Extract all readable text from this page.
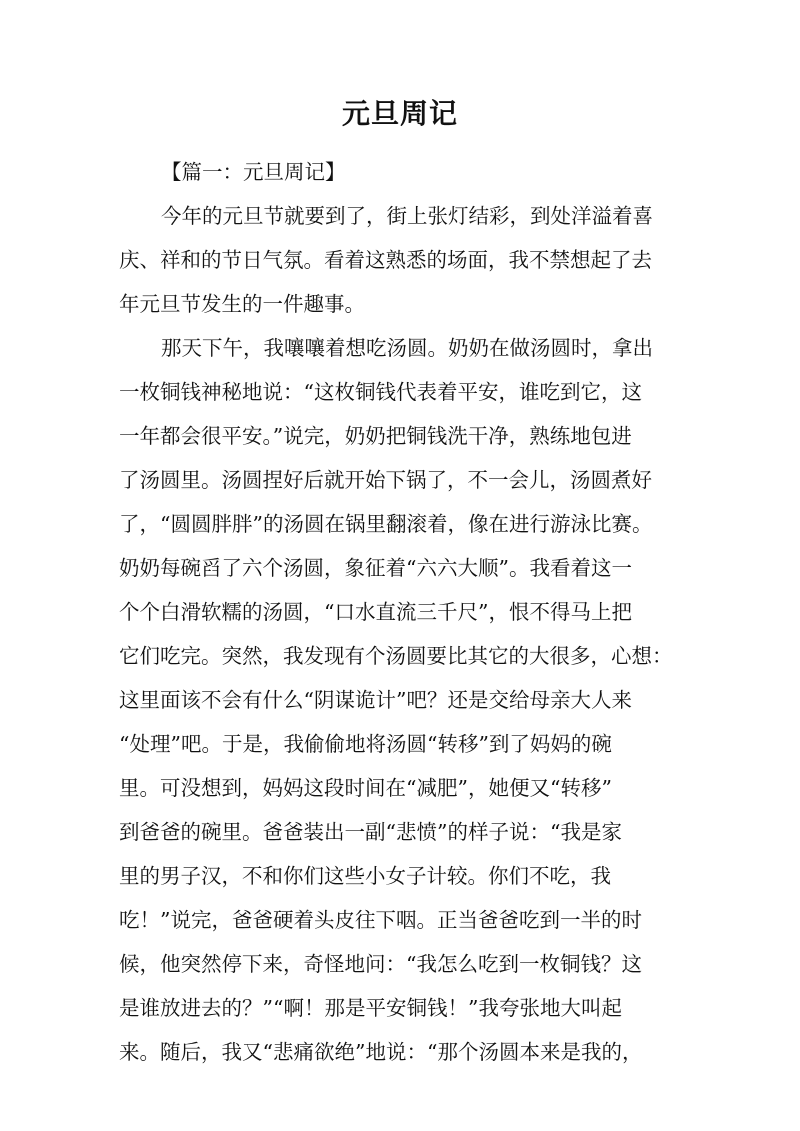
元旦周记
【篇一：元旦周记】
今年的元旦节就要到了，街上张灯结彩，到处洋溢着喜
庆、祥和的节日气氛。看着这熟悉的场面，我不禁想起了去
年元旦节发生的一件趣事。
那天下午，我嚷嚷着想吃汤圆。奶奶在做汤圆时，拿出
一枚铜钱神秘地说：“这枚铜钱代表着平安，谁吃到它，这
一年都会很平安。”说完，奶奶把铜钱洗干净，熟练地包进
了汤圆里。汤圆捏好后就开始下锅了，不一会儿，汤圆煮好
了，“圆圆胖胖”的汤圆在锅里翻滚着，像在进行游泳比赛。
奶奶每碗舀了六个汤圆，象征着“六六大顺”。我看着这一
个个白滑软糯的汤圆，“口水直流三千尺”，恨不得马上把
它们吃完。突然，我发现有个汤圆要比其它的大很多，心想：
这里面该不会有什么“阴谋诡计”吧？还是交给母亲大人来
“处理”吧。于是，我偷偷地将汤圆“转移”到了妈妈的碗
里。可没想到，妈妈这段时间在“减肥”，她便又“转移”
到爸爸的碗里。爸爸装出一副“悲愤”的样子说：“我是家
里的男子汉，不和你们这些小女子计较。你们不吃，我
吃！”说完，爸爸硬着头皮往下咽。正当爸爸吃到一半的时
候，他突然停下来，奇怪地问：“我怎么吃到一枚铜钱？这
是谁放进去的？”“啊！那是平安铜钱！”我夸张地大叫起
来。随后，我又“悲痛欲绝”地说：“那个汤圆本来是我的，
